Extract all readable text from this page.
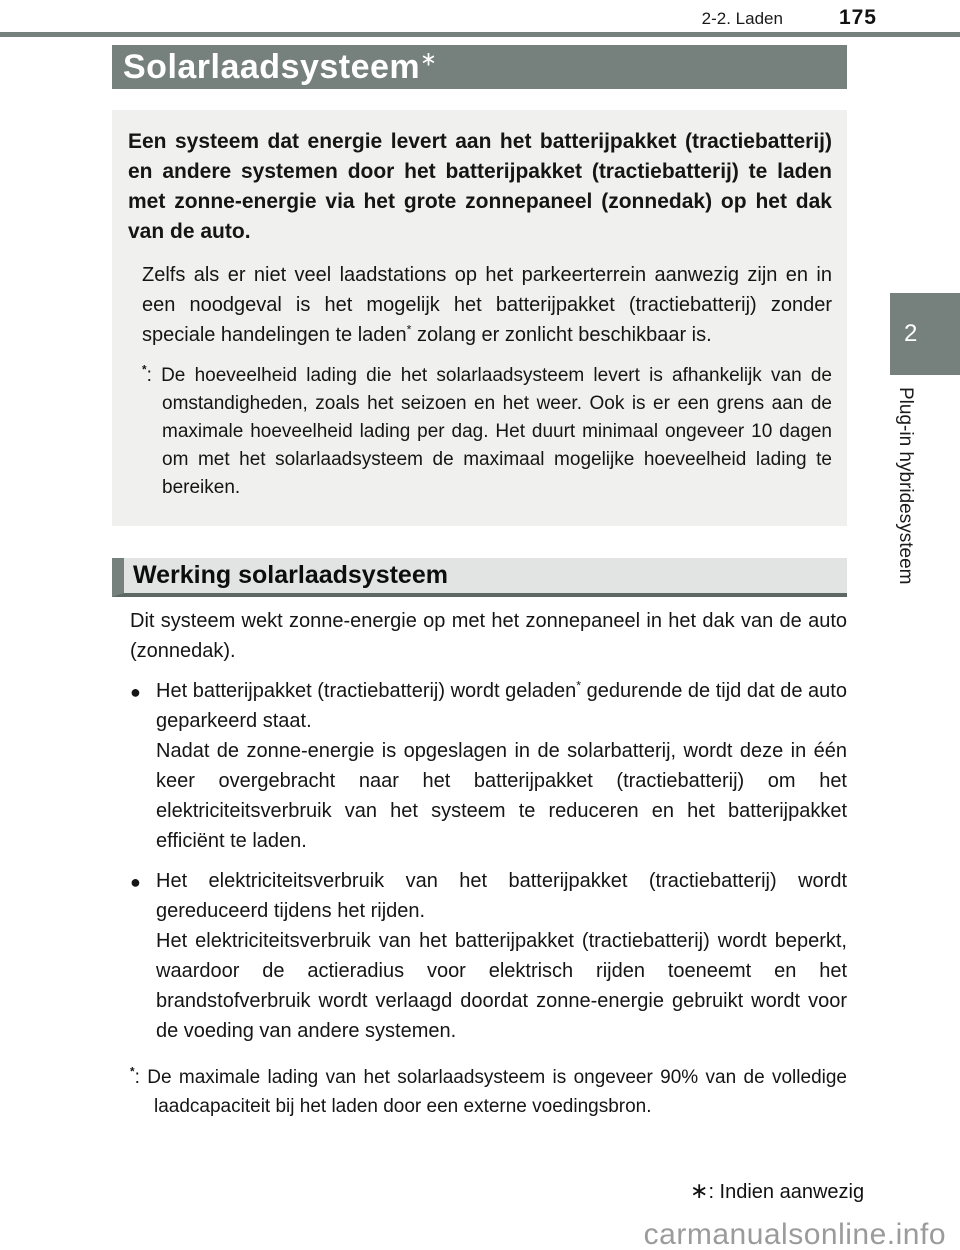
2-2. Laden	175
Solarlaadsysteem∗

Een systeem dat energie levert aan het batterijpakket (tractiebatterij) en andere systemen door het batterijpakket (tractiebatterij) te laden met zonne-energie via het grote zonnepaneel (zonnedak) op het dak van de auto.

Zelfs als er niet veel laadstations op het parkeerterrein aanwezig zijn en in een noodgeval is het mogelijk het batterijpakket (tractiebatterij) zonder speciale handelingen te laden* zolang er zonlicht beschikbaar is.

*: De hoeveelheid lading die het solarlaadsysteem levert is afhankelijk van de omstandigheden, zoals het seizoen en het weer. Ook is er een grens aan de maximale hoeveelheid lading per dag. Het duurt minimaal ongeveer 10 dagen om met het solarlaadsysteem de maximaal mogelijke hoeveelheid lading te bereiken.

Werking solarlaadsysteem

Dit systeem wekt zonne-energie op met het zonnepaneel in het dak van de auto (zonnedak).

● Het batterijpakket (tractiebatterij) wordt geladen* gedurende de tijd dat de auto geparkeerd staat.

Nadat de zonne-energie is opgeslagen in de solarbatterij, wordt deze in één keer overgebracht naar het batterijpakket (tractiebatterij) om het elektriciteitsverbruik van het systeem te reduceren en het batterijpakket efficiënt te laden.

● Het elektriciteitsverbruik van het batterijpakket (tractiebatterij) wordt gereduceerd tijdens het rijden.

Het elektriciteitsverbruik van het batterijpakket (tractiebatterij) wordt beperkt, waardoor de actieradius voor elektrisch rijden toeneemt en het brandstofverbruik wordt verlaagd doordat zonne-energie gebruikt wordt voor de voeding van andere systemen.

*: De maximale lading van het solarlaadsysteem is ongeveer 90% van de volledige laadcapaciteit bij het laden door een externe voedingsbron.

∗: Indien aanwezig
carmanualsonline.info
2
Plug-in hybridesysteem
